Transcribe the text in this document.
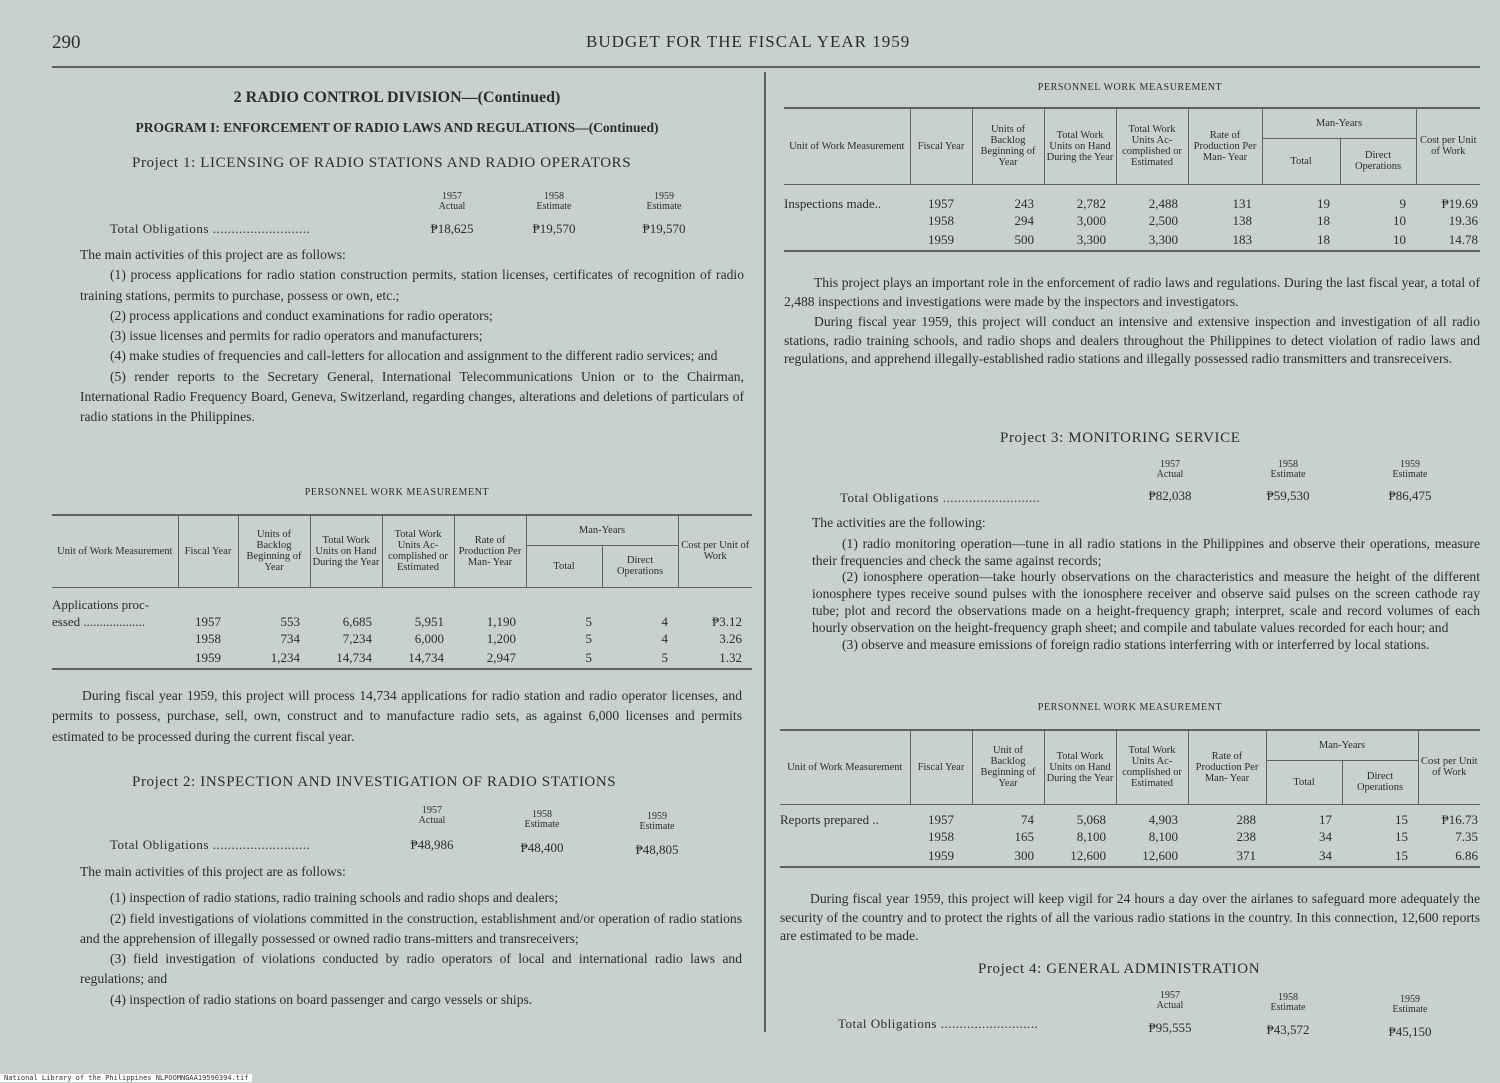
290	BUDGET FOR THE FISCAL YEAR 1959
2 RADIO CONTROL DIVISION—(Continued)
PROGRAM I: ENFORCEMENT OF RADIO LAWS AND REGULATIONS—(Continued)
Project 1: LICENSING OF RADIO STATIONS AND RADIO OPERATORS
1957
Actual
1958
Estimate
1959
Estimate
Total Obligations ..........................	₱18,625	₱19,570	₱19,570

The main activities of this project are as follows:

(1) process applications for radio station construction permits, station licenses, certificates of recognition of radio training stations, permits to purchase, possess or own, etc.;

(2) process applications and conduct examinations for radio operators;

(3) issue licenses and permits for radio operators and manufacturers;

(4) make studies of frequencies and call-letters for allocation and assignment to the different radio services; and

(5) render reports to the Secretary General, International Telecommunications Union or to the Chairman, International Radio Frequency Board, Geneva, Switzerland, regarding changes, alterations and deletions of particulars of radio stations in the Philippines.

PERSONNEL WORK MEASUREMENT
Unit of Work Measurement	Fiscal Year	Units of Backlog Beginning of Year	Total Work Units on Hand During the Year	Total Work Units Ac- complished or Estimated	Rate of Production Per Man- Year	Man-Years		Cost per Unit of Work
						Total	Direct Operations	
Applications proc-								
essed ...................	1957	553	6,685	5,951	1,190	5	4	₱3.12
	1958	734	7,234	6,000	1,200	5	4	3.26
	1959	1,234	14,734	14,734	2,947	5	5	1.32
During fiscal year 1959, this project will process 14,734 applications for radio station and radio operator licenses, and permits to possess, purchase, sell, own, construct and to manufacture radio sets, as against 6,000 licenses and permits estimated to be processed during the current fiscal year.
Project 2: INSPECTION AND INVESTIGATION OF RADIO STATIONS
1957
Actual
1958
Estimate
1959
Estimate
Total Obligations ..........................	₱48,986	₱48,400	₱48,805

The main activities of this project are as follows:

(1) inspection of radio stations, radio training schools and radio shops and dealers;

(2) field investigations of violations committed in the construction, establishment and/or operation of radio stations and the apprehension of illegally possessed or owned radio trans-mitters and transreceivers;

(3) field investigation of violations conducted by radio operators of local and international radio laws and regulations; and

(4) inspection of radio stations on board passenger and cargo vessels or ships.

PERSONNEL WORK MEASUREMENT
Unit of Work Measurement	Fiscal Year	Units of Backlog Beginning of Year	Total Work Units on Hand During the Year	Total Work Units Ac- complished or Estimated	Rate of Production Per Man- Year	Man-Years		Cost per Unit of Work
						Total	Direct Operations	
Inspections made..	1957	243	2,782	2,488	131	19	9	₱19.69
	1958	294	3,000	2,500	138	18	10	19.36
	1959	500	3,300	3,300	183	18	10	14.78

This project plays an important role in the enforcement of radio laws and regulations. During the last fiscal year, a total of 2,488 inspections and investigations were made by the inspectors and investigators.

During fiscal year 1959, this project will conduct an intensive and extensive inspection and investigation of all radio stations, radio training schools, and radio shops and dealers throughout the Philippines to detect violation of radio laws and regulations, and apprehend illegally-established radio stations and illegally possessed radio transmitters and transreceivers.

Project 3: MONITORING SERVICE
1957
Actual
1958
Estimate
1959
Estimate
Total Obligations ..........................	₱82,038	₱59,530	₱86,475

The activities are the following:

(1) radio monitoring operation—tune in all radio stations in the Philippines and observe their operations, measure their frequencies and check the same against records;

(2) ionosphere operation—take hourly observations on the characteristics and measure the height of the different ionosphere types receive sound pulses with the ionosphere receiver and observe said pulses on the screen cathode ray tube; plot and record the observations made on a height-frequency graph; interpret, scale and record volumes of each hourly observation on the height-frequency graph sheet; and compile and tabulate values recorded for each hour; and

(3) observe and measure emissions of foreign radio stations interferring with or interferred by local stations.

PERSONNEL WORK MEASUREMENT
Unit of Work Measurement	Fiscal Year	Unit of Backlog Beginning of Year	Total Work Units on Hand During the Year	Total Work Units Ac- complished or Estimated	Rate of Production Per Man- Year	Man-Years		Cost per Unit of Work
						Total	Direct Operations	
Reports prepared ..	1957	74	5,068	4,903	288	17	15	₱16.73
	1958	165	8,100	8,100	238	34	15	7.35
	1959	300	12,600	12,600	371	34	15	6.86
During fiscal year 1959, this project will keep vigil for 24 hours a day over the airlanes to safeguard more adequately the security of the country and to protect the rights of all the various radio stations in the country. In this connection, 12,600 reports are estimated to be made.
Project 4: GENERAL ADMINISTRATION
1957
Actual
1958
Estimate
1959
Estimate
Total Obligations ..........................	₱95,555	₱43,572	₱45,150
National Library of the Philippines NLPOOMNGAA19590394.tif
